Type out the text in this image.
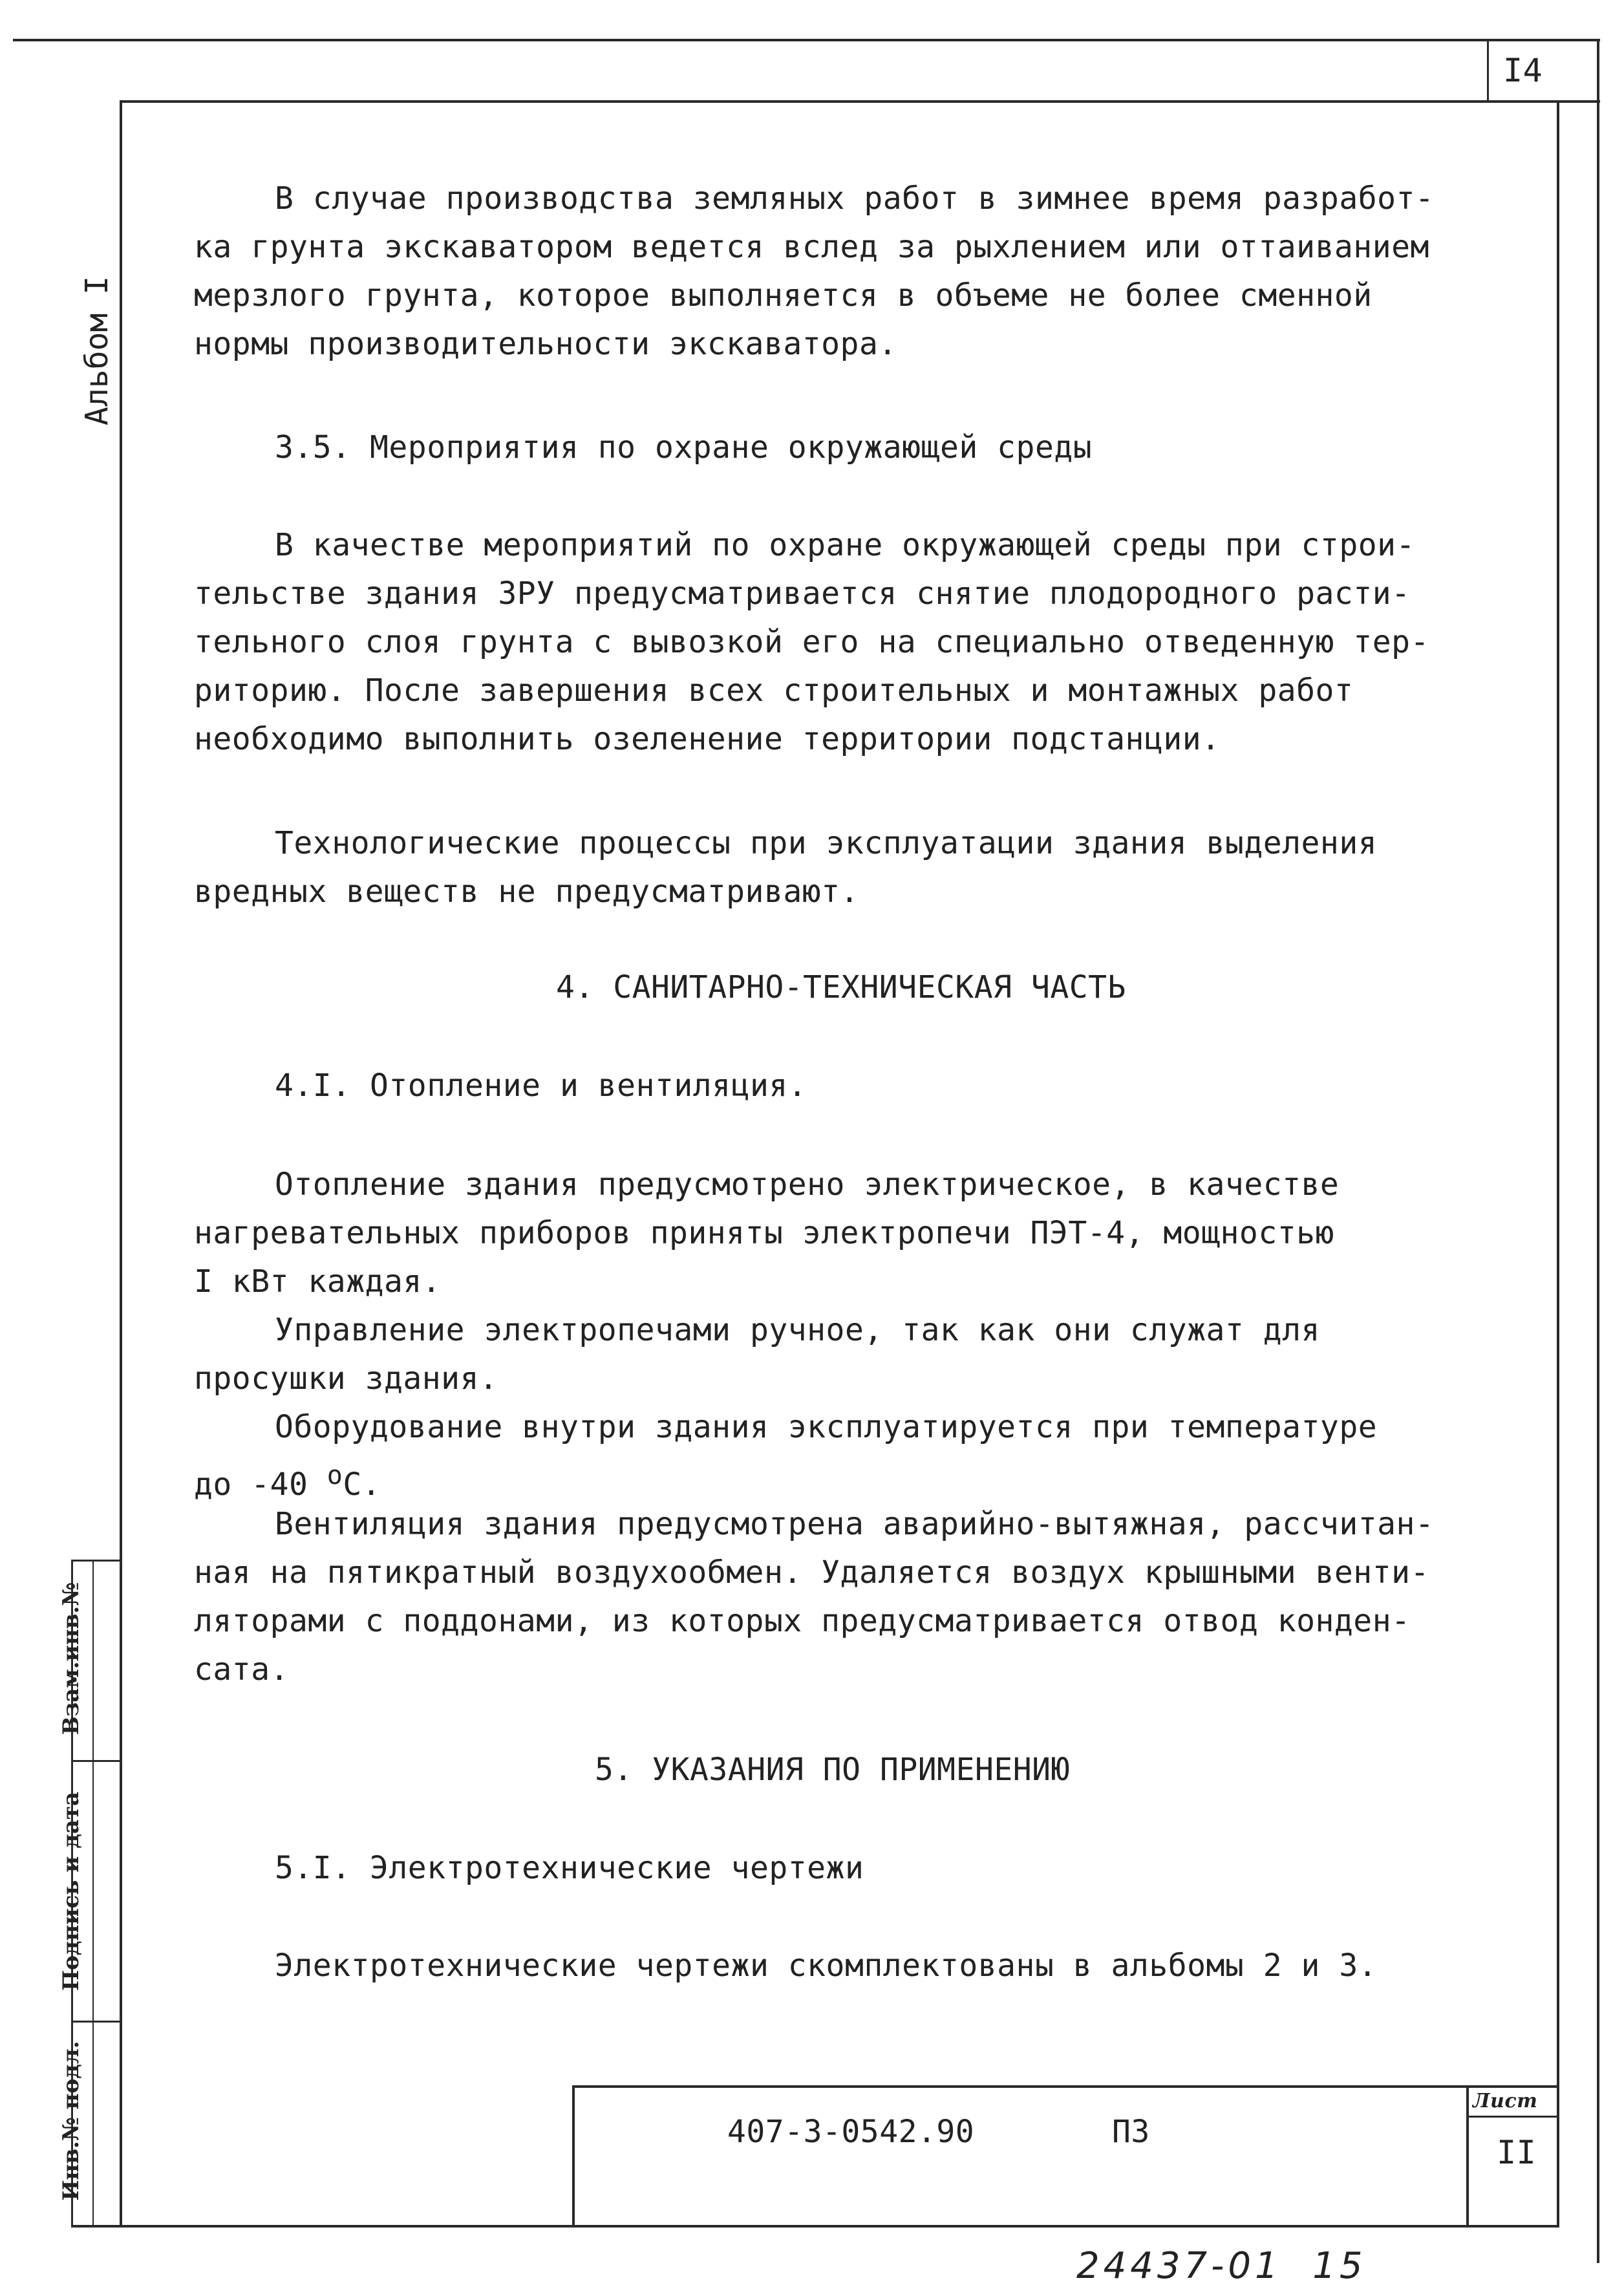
I4
Альбом I
Взам.инв.№
Подпись и дата
Инв.№ подл.
В случае производства земляных работ в зимнее время разработ-
ка грунта экскаватором ведется вслед за рыхлением или оттаиванием
мерзлого грунта, которое выполняется в объеме не более сменной
нормы производительности экскаватора.
3.5. Мероприятия по охране окружающей среды
В качестве мероприятий по охране окружающей среды при строи-
тельстве здания ЗРУ предусматривается снятие плодородного расти-
тельного слоя грунта с вывозкой его на специально отведенную тер-
риторию. После завершения всех строительных и монтажных работ
необходимо выполнить озеленение территории подстанции.
Технологические процессы при эксплуатации здания выделения
вредных веществ не предусматривают.
4. САНИТАРНО-ТЕХНИЧЕСКАЯ ЧАСТЬ
4.I. Отопление и вентиляция.
Отопление здания предусмотрено электрическое, в качестве
нагревательных приборов приняты электропечи ПЭТ-4, мощностью
I кВт каждая.
Управление электропечами ручное, так как они служат для
просушки здания.
Оборудование внутри здания эксплуатируется при температуре
до -40 $^о$С.
Вентиляция здания предусмотрена аварийно-вытяжная, рассчитан-
ная на пятикратный воздухообмен. Удаляется воздух крышными венти-
ляторами с поддонами, из которых предусматривается отвод конден-
сата.
5. УКАЗАНИЯ ПО ПРИМЕНЕНИЮ
5.I. Электротехнические чертежи
Электротехнические чертежи скомплектованы в альбомы 2 и 3.
407-3-0542.90	ПЗ
Лист
II
24437-01  15
